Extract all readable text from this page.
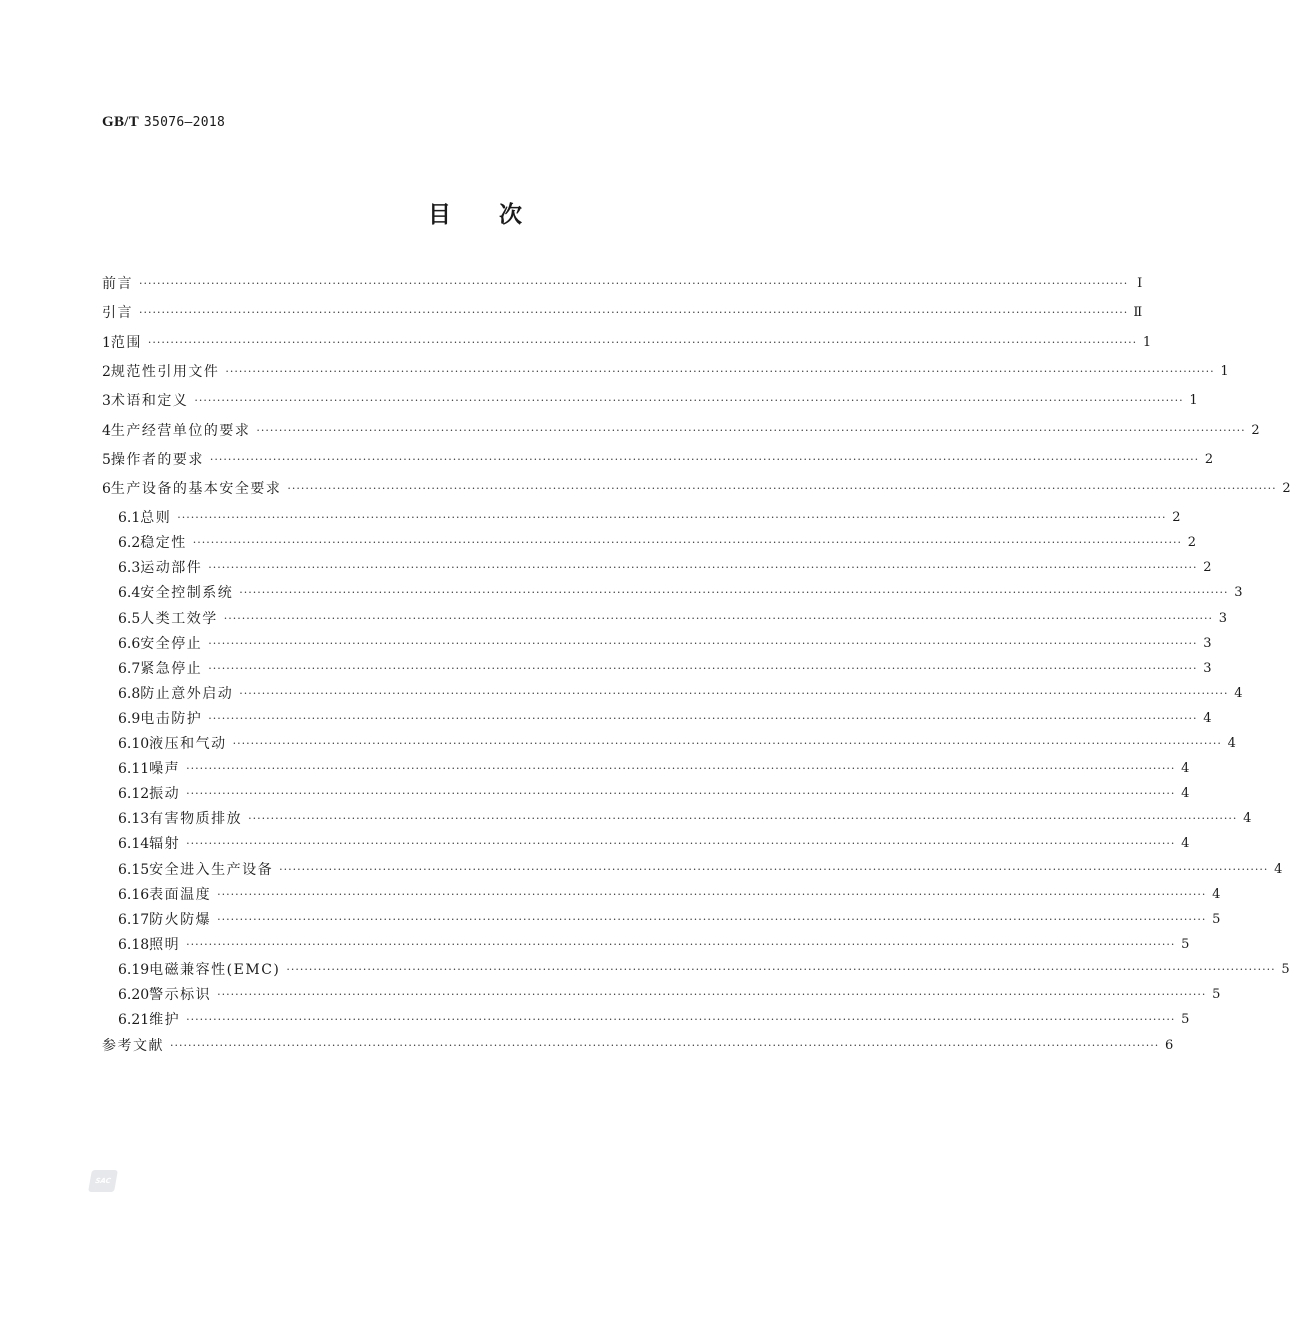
GB/T 35076—2018
目 次
前言 ···························································································································································································································· Ⅰ
引言 ···························································································································································································································· Ⅱ
1 范围 ···························································································································································································································· 1
2 规范性引用文件 ···························································································································································································································· 1
3 术语和定义 ···························································································································································································································· 1
4 生产经营单位的要求 ···························································································································································································································· 2
5 操作者的要求 ···························································································································································································································· 2
6 生产设备的基本安全要求 ···························································································································································································································· 2
6.1 总则 ···························································································································································································································· 2
6.2 稳定性 ···························································································································································································································· 2
6.3 运动部件 ···························································································································································································································· 2
6.4 安全控制系统 ···························································································································································································································· 3
6.5 人类工效学 ···························································································································································································································· 3
6.6 安全停止 ···························································································································································································································· 3
6.7 紧急停止 ···························································································································································································································· 3
6.8 防止意外启动 ···························································································································································································································· 4
6.9 电击防护 ···························································································································································································································· 4
6.10 液压和气动 ···························································································································································································································· 4
6.11 噪声 ···························································································································································································································· 4
6.12 振动 ···························································································································································································································· 4
6.13 有害物质排放 ···························································································································································································································· 4
6.14 辐射 ···························································································································································································································· 4
6.15 安全进入生产设备 ···························································································································································································································· 4
6.16 表面温度 ···························································································································································································································· 4
6.17 防火防爆 ···························································································································································································································· 5
6.18 照明 ···························································································································································································································· 5
6.19 电磁兼容性(EMC) ···························································································································································································································· 5
6.20 警示标识 ···························································································································································································································· 5
6.21 维护 ···························································································································································································································· 5
参考文献 ···························································································································································································································· 6
SAC
